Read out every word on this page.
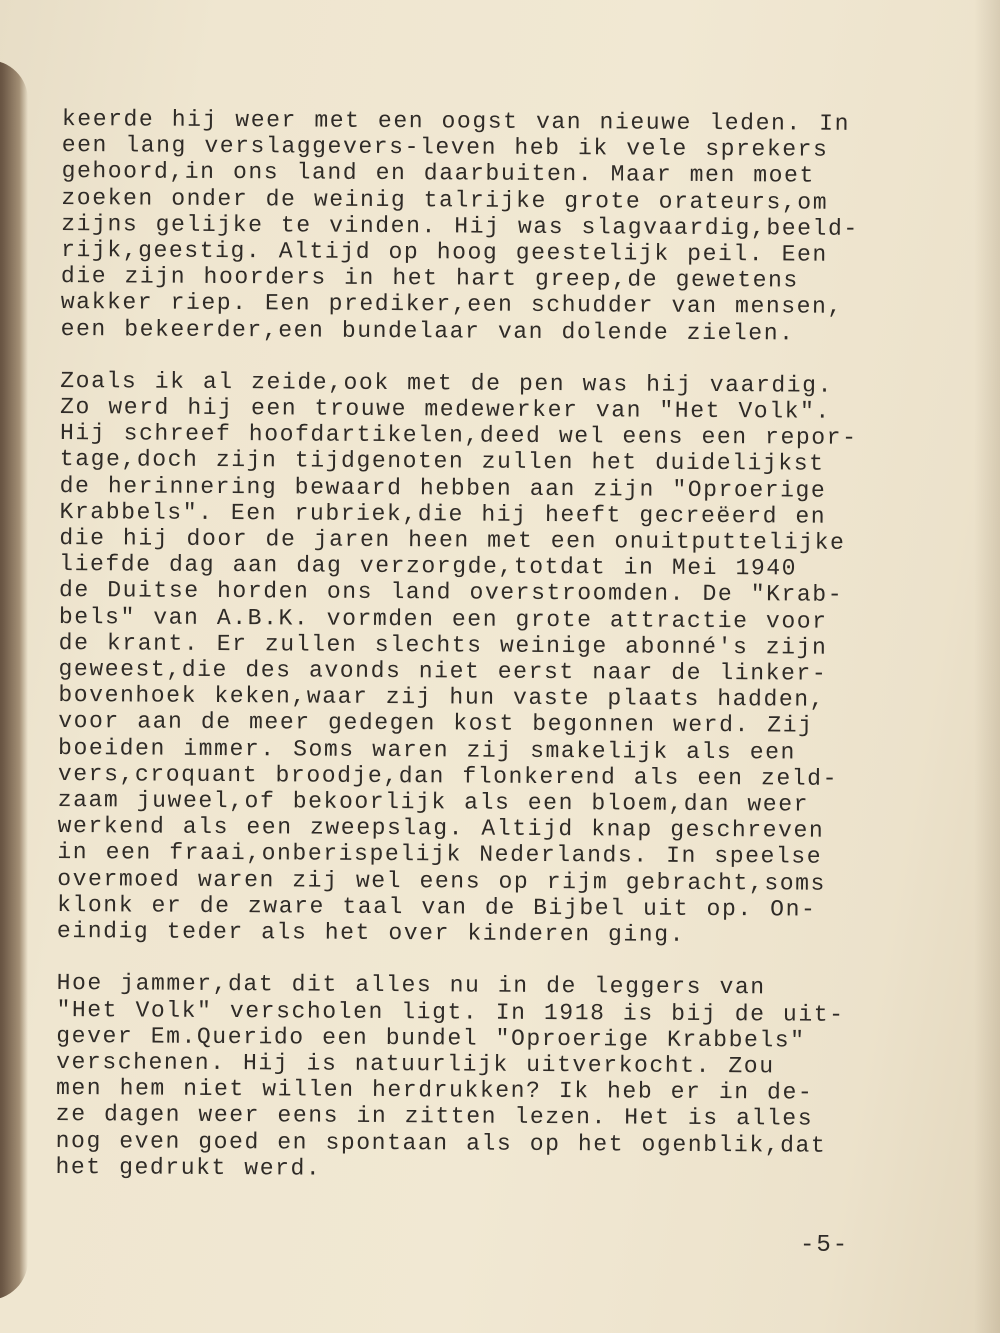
keerde hij weer met een oogst van nieuwe leden. In
een lang verslaggevers-leven heb ik vele sprekers
gehoord,in ons land en daarbuiten. Maar men moet
zoeken onder de weinig talrijke grote orateurs,om
zijns gelijke te vinden. Hij was slagvaardig,beeld-
rijk,geestig. Altijd op hoog geestelijk peil. Een
die zijn hoorders in het hart greep,de gewetens
wakker riep. Een prediker,een schudder van mensen,
een bekeerder,een bundelaar van dolende zielen.
Zoals ik al zeide,ook met de pen was hij vaardig.
Zo werd hij een trouwe medewerker van "Het Volk".
Hij schreef hoofdartikelen,deed wel eens een repor-
tage,doch zijn tijdgenoten zullen het duidelijkst
de herinnering bewaard hebben aan zijn "Oproerige
Krabbels". Een rubriek,die hij heeft gecreëerd en
die hij door de jaren heen met een onuitputtelijke
liefde dag aan dag verzorgde,totdat in Mei 1940
de Duitse horden ons land overstroomden. De "Krab-
bels" van A.B.K. vormden een grote attractie voor
de krant. Er zullen slechts weinige abonné's zijn
geweest,die des avonds niet eerst naar de linker-
bovenhoek keken,waar zij hun vaste plaats hadden,
voor aan de meer gedegen kost begonnen werd. Zij
boeiden immer. Soms waren zij smakelijk als een
vers,croquant broodje,dan flonkerend als een zeld-
zaam juweel,of bekoorlijk als een bloem,dan weer
werkend als een zweepslag. Altijd knap geschreven
in een fraai,onberispelijk Nederlands. In speelse
overmoed waren zij wel eens op rijm gebracht,soms
klonk er de zware taal van de Bijbel uit op. On-
eindig teder als het over kinderen ging.
Hoe jammer,dat dit alles nu in de leggers van
"Het Volk" verscholen ligt. In 1918 is bij de uit-
gever Em.Querido een bundel "Oproerige Krabbels"
verschenen. Hij is natuurlijk uitverkocht. Zou
men hem niet willen herdrukken? Ik heb er in de-
ze dagen weer eens in zitten lezen. Het is alles
nog even goed en spontaan als op het ogenblik,dat
het gedrukt werd.
-5-
